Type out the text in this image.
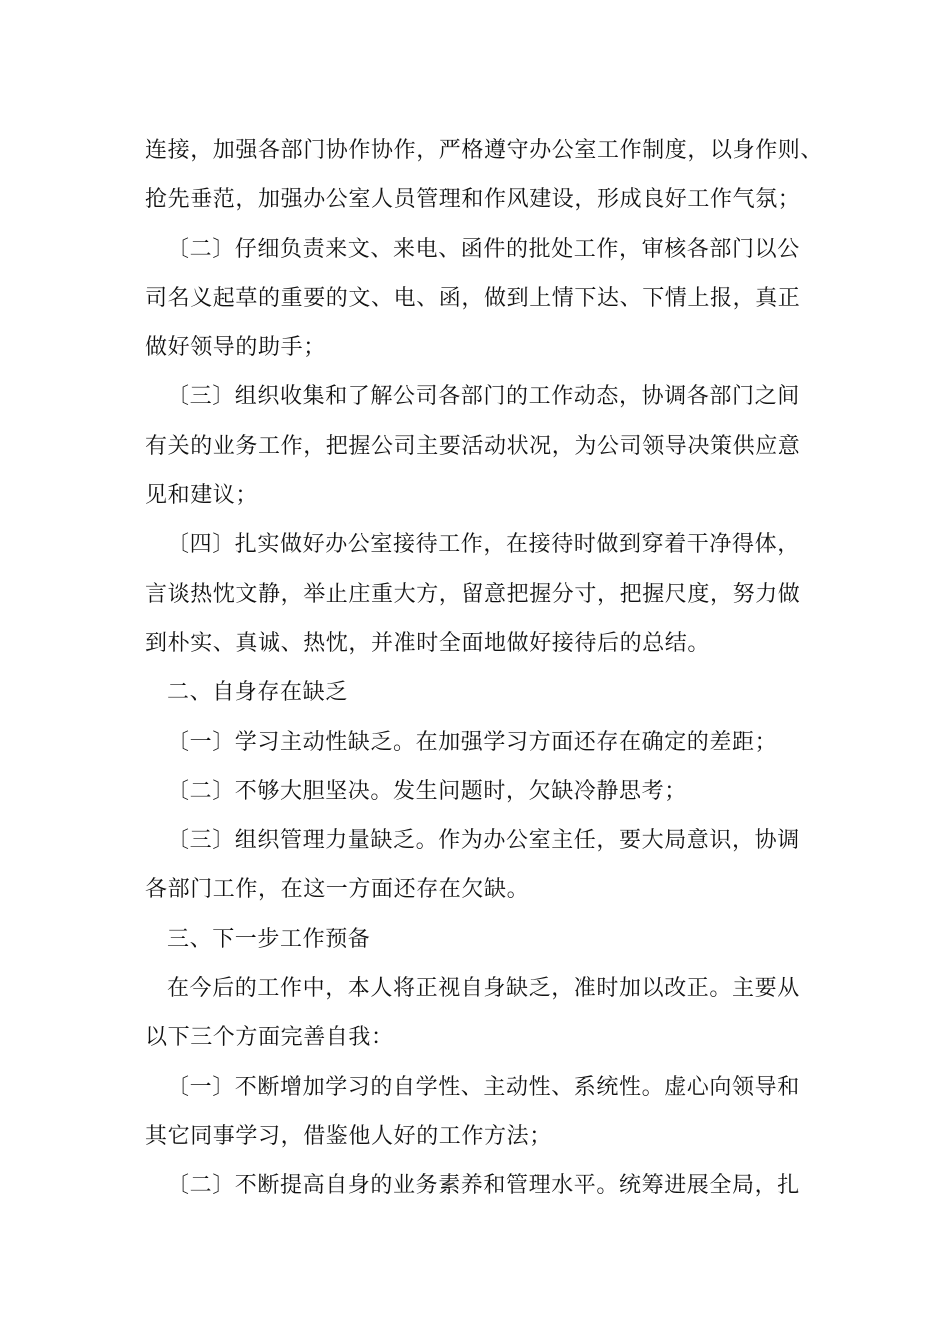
连接，加强各部门协作协作，严格遵守办公室工作制度，以身作则、
抢先垂范，加强办公室人员管理和作风建设，形成良好工作气氛；
〔二〕仔细负责来文、来电、函件的批处工作，审核各部门以公
司名义起草的重要的文、电、函，做到上情下达、下情上报，真正
做好领导的助手；
〔三〕组织收集和了解公司各部门的工作动态，协调各部门之间
有关的业务工作，把握公司主要活动状况，为公司领导决策供应意
见和建议；
〔四〕扎实做好办公室接待工作，在接待时做到穿着干净得体，
言谈热忱文静，举止庄重大方，留意把握分寸，把握尺度，努力做
到朴实、真诚、热忱，并准时全面地做好接待后的总结。
二、自身存在缺乏
〔一〕学习主动性缺乏。在加强学习方面还存在确定的差距；
〔二〕不够大胆坚决。发生问题时，欠缺冷静思考；
〔三〕组织管理力量缺乏。作为办公室主任，要大局意识，协调
各部门工作，在这一方面还存在欠缺。
三、下一步工作预备
在今后的工作中，本人将正视自身缺乏，准时加以改正。主要从
以下三个方面完善自我：
〔一〕不断增加学习的自学性、主动性、系统性。虚心向领导和
其它同事学习，借鉴他人好的工作方法；
〔二〕不断提高自身的业务素养和管理水平。统筹进展全局，扎
